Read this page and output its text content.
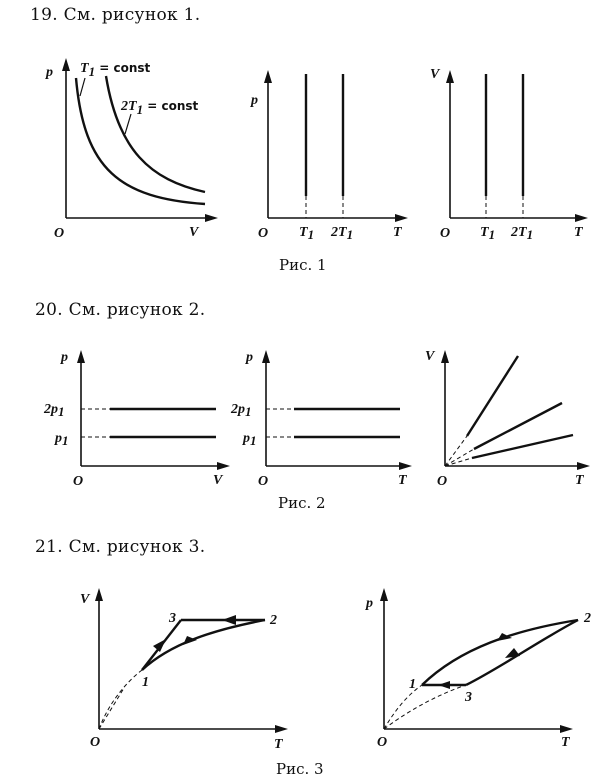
19. См. рисунок 1.
Рис. 1
20. См. рисунок 2.
Рис. 2
21. См. рисунок 3.
Рис. 3
p
V
O
$T_1$ $^{= const}$
$2T_1$ $^{= const}$	p
T
O T1 2T1
V
T
O T1 2T1
p
V
O
2p1
p1
p
T
O
2p1
p1
V
T
O
V
T
O
1
2
3
p
T
O
1
2
3
